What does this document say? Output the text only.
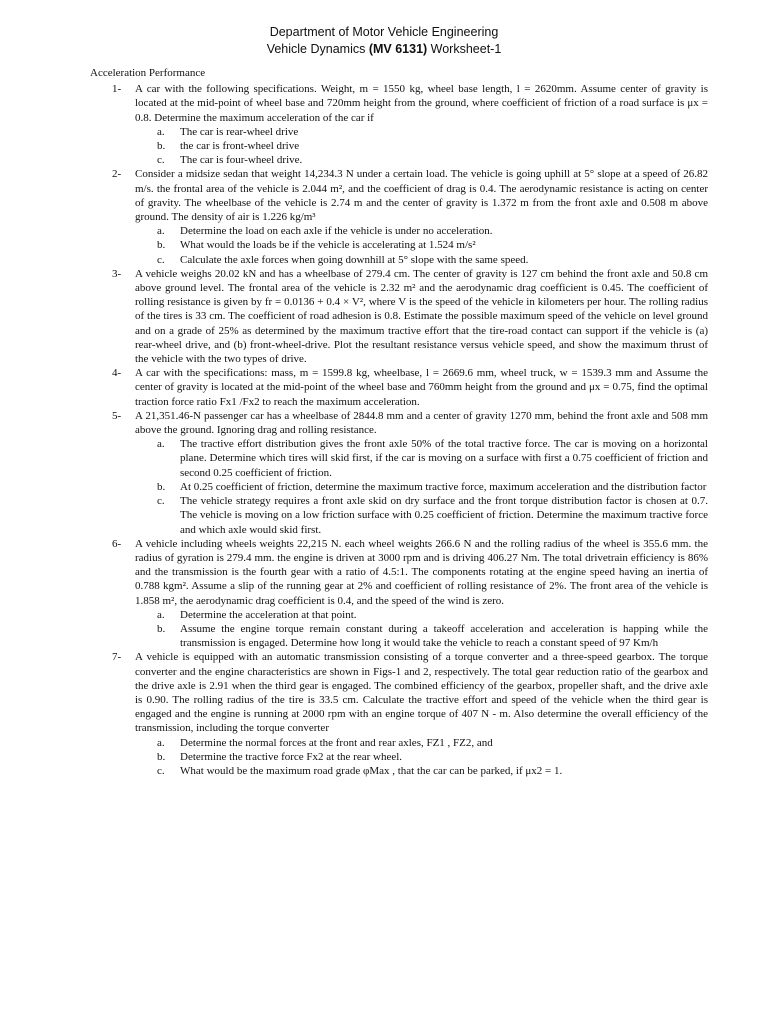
Department of Motor Vehicle Engineering
Vehicle Dynamics (MV 6131) Worksheet-1
Acceleration Performance
1- A car with the following specifications. Weight, m = 1550 kg, wheel base length, l = 2620mm. Assume center of gravity is located at the mid-point of wheel base and 720mm height from the ground, where coefficient of friction of a road surface is μx = 0.8. Determine the maximum acceleration of the car if
a. The car is rear-wheel drive
b. the car is front-wheel drive
c. The car is four-wheel drive.
2- Consider a midsize sedan that weight 14,234.3 N under a certain load. The vehicle is going uphill at 5° slope at a speed of 26.82 m/s. the frontal area of the vehicle is 2.044 m², and the coefficient of drag is 0.4. The aerodynamic resistance is acting on center of gravity. The wheelbase of the vehicle is 2.74 m and the center of gravity is 1.372 m from the front axle and 0.508 m above ground. The density of air is 1.226 kg/m³
a. Determine the load on each axle if the vehicle is under no acceleration.
b. What would the loads be if the vehicle is accelerating at 1.524 m/s²
c. Calculate the axle forces when going downhill at 5° slope with the same speed.
3- A vehicle weighs 20.02 kN and has a wheelbase of 279.4 cm. The center of gravity is 127 cm behind the front axle and 50.8 cm above ground level. The frontal area of the vehicle is 2.32 m² and the aerodynamic drag coefficient is 0.45. The coefficient of rolling resistance is given by fr = 0.0136 + 0.4 × V², where V is the speed of the vehicle in kilometers per hour. The rolling radius of the tires is 33 cm. The coefficient of road adhesion is 0.8. Estimate the possible maximum speed of the vehicle on level ground and on a grade of 25% as determined by the maximum tractive effort that the tire-road contact can support if the vehicle is (a) rear-wheel drive, and (b) front-wheel-drive. Plot the resultant resistance versus vehicle speed, and show the maximum thrust of the vehicle with the two types of drive.
4- A car with the specifications: mass, m = 1599.8 kg, wheelbase, l = 2669.6 mm, wheel truck, w = 1539.3 mm and Assume the center of gravity is located at the mid-point of the wheel base and 760mm height from the ground and μx = 0.75, find the optimal traction force ratio Fx1 /Fx2 to reach the maximum acceleration.
5- A 21,351.46-N passenger car has a wheelbase of 2844.8 mm and a center of gravity 1270 mm, behind the front axle and 508 mm above the ground. Ignoring drag and rolling resistance.
a. The tractive effort distribution gives the front axle 50% of the total tractive force. The car is moving on a horizontal plane. Determine which tires will skid first, if the car is moving on a surface with first a 0.75 coefficient of friction and second 0.25 coefficient of friction.
b. At 0.25 coefficient of friction, determine the maximum tractive force, maximum acceleration and the distribution factor
c. The vehicle strategy requires a front axle skid on dry surface and the front torque distribution factor is chosen at 0.7. The vehicle is moving on a low friction surface with 0.25 coefficient of friction. Determine the maximum tractive force and which axle would skid first.
6- A vehicle including wheels weights 22,215 N. each wheel weights 266.6 N and the rolling radius of the wheel is 355.6 mm. the radius of gyration is 279.4 mm. the engine is driven at 3000 rpm and is driving 406.27 Nm. The total drivetrain efficiency is 86% and the transmission is the fourth gear with a ratio of 4.5:1. The components rotating at the engine speed having an inertia of 0.788 kgm². Assume a slip of the running gear at 2% and coefficient of rolling resistance of 2%. The front area of the vehicle is 1.858 m², the aerodynamic drag coefficient is 0.4, and the speed of the wind is zero.
a. Determine the acceleration at that point.
b. Assume the engine torque remain constant during a takeoff acceleration and acceleration is happing while the transmission is engaged. Determine how long it would take the vehicle to reach a constant speed of 97 Km/h
7- A vehicle is equipped with an automatic transmission consisting of a torque converter and a three-speed gearbox. The torque converter and the engine characteristics are shown in Figs-1 and 2, respectively. The total gear reduction ratio of the gearbox and the drive axle is 2.91 when the third gear is engaged. The combined efficiency of the gearbox, propeller shaft, and the drive axle is 0.90. The rolling radius of the tire is 33.5 cm. Calculate the tractive effort and speed of the vehicle when the third gear is engaged and the engine is running at 2000 rpm with an engine torque of 407 N - m. Also determine the overall efficiency of the transmission, including the torque converter
a. Determine the normal forces at the front and rear axles, FZ1 , FZ2, and
b. Determine the tractive force Fx2 at the rear wheel.
c. What would be the maximum road grade φMax , that the car can be parked, if μx2 = 1.
